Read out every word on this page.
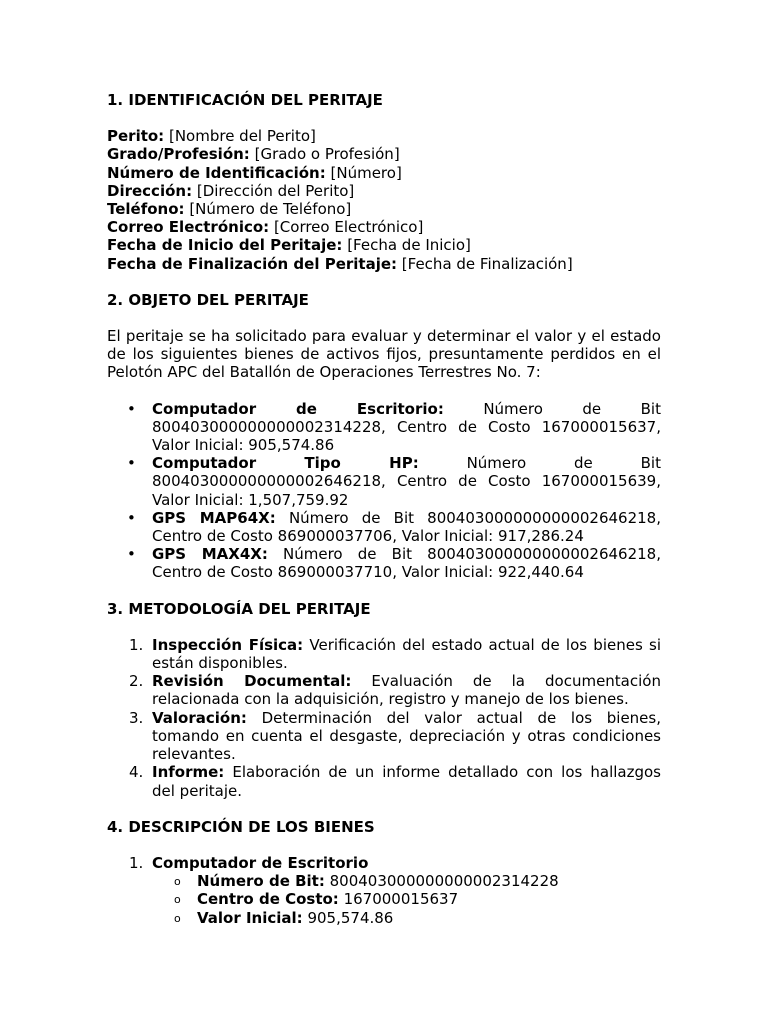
1. IDENTIFICACIÓN DEL PERITAJE
Perito: [Nombre del Perito]
Grado/Profesión: [Grado o Profesión]
Número de Identificación: [Número]
Dirección: [Dirección del Perito]
Teléfono: [Número de Teléfono]
Correo Electrónico: [Correo Electrónico]
Fecha de Inicio del Peritaje: [Fecha de Inicio]
Fecha de Finalización del Peritaje: [Fecha de Finalización]
2. OBJETO DEL PERITAJE

El peritaje se ha solicitado para evaluar y determinar el valor y el estado de los siguientes bienes de activos fijos, presuntamente perdidos en el Pelotón APC del Batallón de Operaciones Terrestres No. 7:

• Computador de Escritorio:	Número de Bit 800403000000000002314228, Centro de Costo 167000015637, Valor Inicial: 905,574.86
• Computador Tipo HP:	Número de Bit 800403000000000002646218, Centro de Costo 167000015639, Valor Inicial: 1,507,759.92
• GPS MAP64X: Número de Bit 800403000000000002646218, Centro de Costo 869000037706, Valor Inicial: 917,286.24
• GPS MAX4X: Número de Bit 800403000000000002646218, Centro de Costo 869000037710, Valor Inicial: 922,440.64
3. METODOLOGÍA DEL PERITAJE
1. Inspección Física: Verificación del estado actual de los bienes si están disponibles.
2. Revisión Documental: Evaluación de la documentación relacionada con la adquisición, registro y manejo de los bienes.
3. Valoración: Determinación del valor actual de los bienes, tomando en cuenta el desgaste, depreciación y otras condiciones relevantes.
4. Informe: Elaboración de un informe detallado con los hallazgos del peritaje.
4. DESCRIPCIÓN DE LOS BIENES
1. Computador de Escritorio
o Número de Bit: 800403000000000002314228
o Centro de Costo: 167000015637
o Valor Inicial: 905,574.86
